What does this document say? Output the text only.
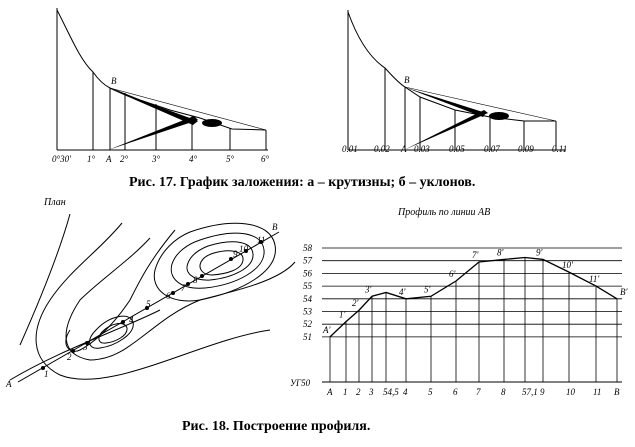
B
0°30' 1° A 2°	3°	4°	5°	6°
B
0.01 0.02 A 0.03 0.05 0.07 0.09 0.11
Рис. 17. График заложения: а – крутизны; б – уклонов.
План
A
B
1
2
3
4
5
6
7
8
9 10
11
Профиль по линии АВ
58
57
56
55
54
53
52
51
УГ50
A 1 2 3 54,5 4 5 6 7 8 57,1 9 10 11 B
A'
1'
2'
3'	4' 5'
6'
7' 8'	9'
10'
11'
B'
Рис. 18. Построение профиля.
